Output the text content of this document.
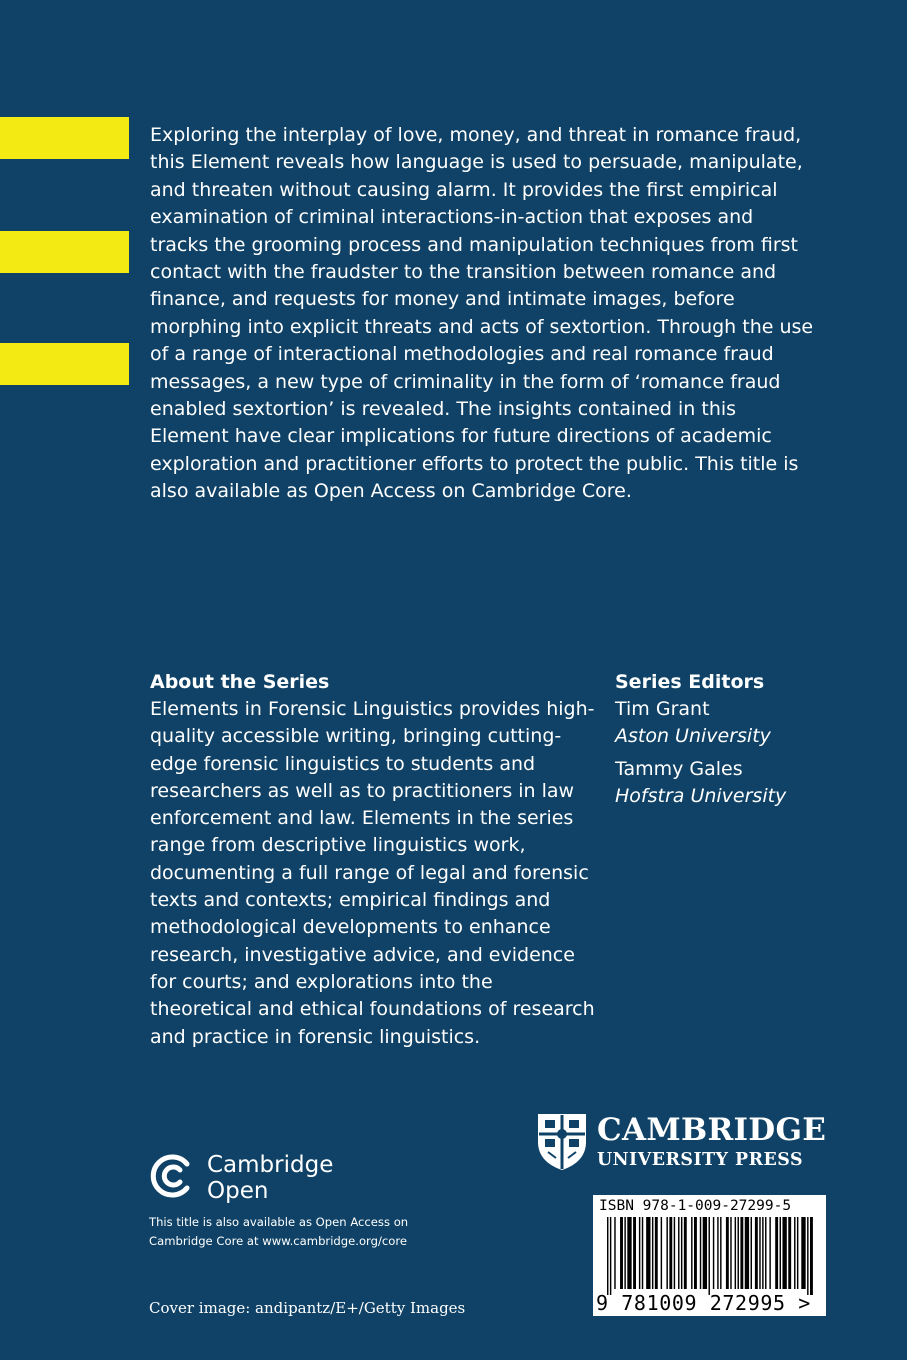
Exploring the interplay of love, money, and threat in romance fraud, this Element reveals how language is used to persuade, manipulate, and threaten without causing alarm. It provides the first empirical examination of criminal interactions-in-action that exposes and tracks the grooming process and manipulation techniques from first contact with the fraudster to the transition between romance and finance, and requests for money and intimate images, before morphing into explicit threats and acts of sextortion. Through the use of a range of interactional methodologies and real romance fraud messages, a new type of criminality in the form of ‘romance fraud enabled sextortion’ is revealed. The insights contained in this Element have clear implications for future directions of academic exploration and practitioner efforts to protect the public. This title is also available as Open Access on Cambridge Core.

About the Series

Elements in Forensic Linguistics provides high-quality accessible writing, bringing cutting-edge forensic linguistics to students and researchers as well as to practitioners in law enforcement and law. Elements in the series range from descriptive linguistics work, documenting a full range of legal and forensic texts and contexts; empirical findings and methodological developments to enhance research, investigative advice, and evidence for courts; and explorations into the theoretical and ethical foundations of research and practice in forensic linguistics.

Series Editors
Tim Grant
Aston University
Tammy Gales
Hofstra University
CAMBRIDGE
UNIVERSITY PRESS
Cambridge
Open

This title is also available as Open Access on Cambridge Core at www.cambridge.org/core

Cover image: andipantz/E+/Getty Images
ISBN 978-1-009-27299-5
9 781009 272995 >
